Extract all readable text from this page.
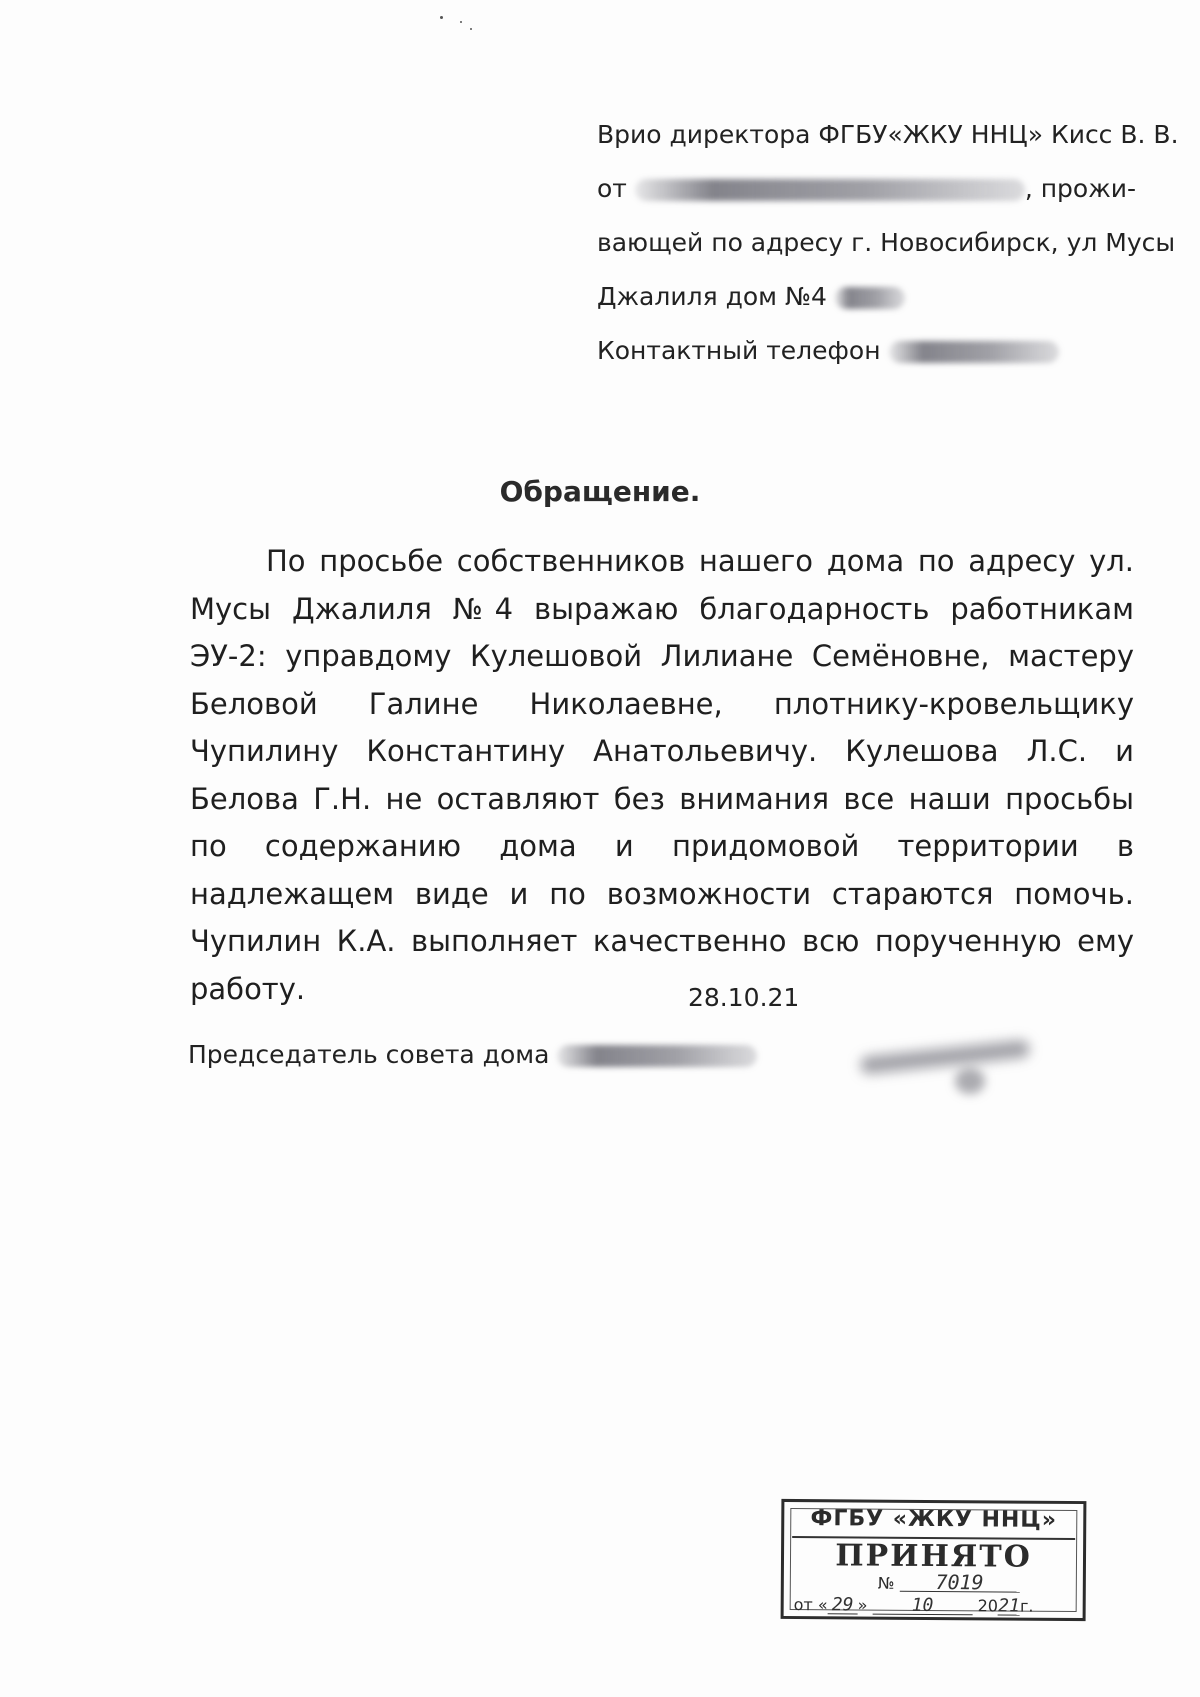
Врио директора ФГБУ«ЖКУ ННЦ» Кисс В. В.
от	, прожи-
вающей по адресу г. Новосибирск, ул Мусы
Джалиля дом №4
Контактный телефон
Обращение.
По просьбе собственников нашего дома по адресу ул. Мусы Джалиля №4 выражаю благодарность работникам ЭУ-2: управдому Кулешовой Лилиане Семёновне, мастеру Беловой Галине Николаевне, плотнику-кровельщику Чупилину Константину Анатольевичу. Кулешова Л.С. и Белова Г.Н. не оставляют без внимания все наши просьбы по содержанию дома и придомовой территории в надлежащем виде и по возможности стараются помочь. Чупилин К.А. выполняет качественно всю порученную ему работу.	28.10.21
Председатель совета дома
ФГБУ «ЖКУ ННЦ»
ПРИНЯТО
№ 7019
от « 29 » 10	2021г.
